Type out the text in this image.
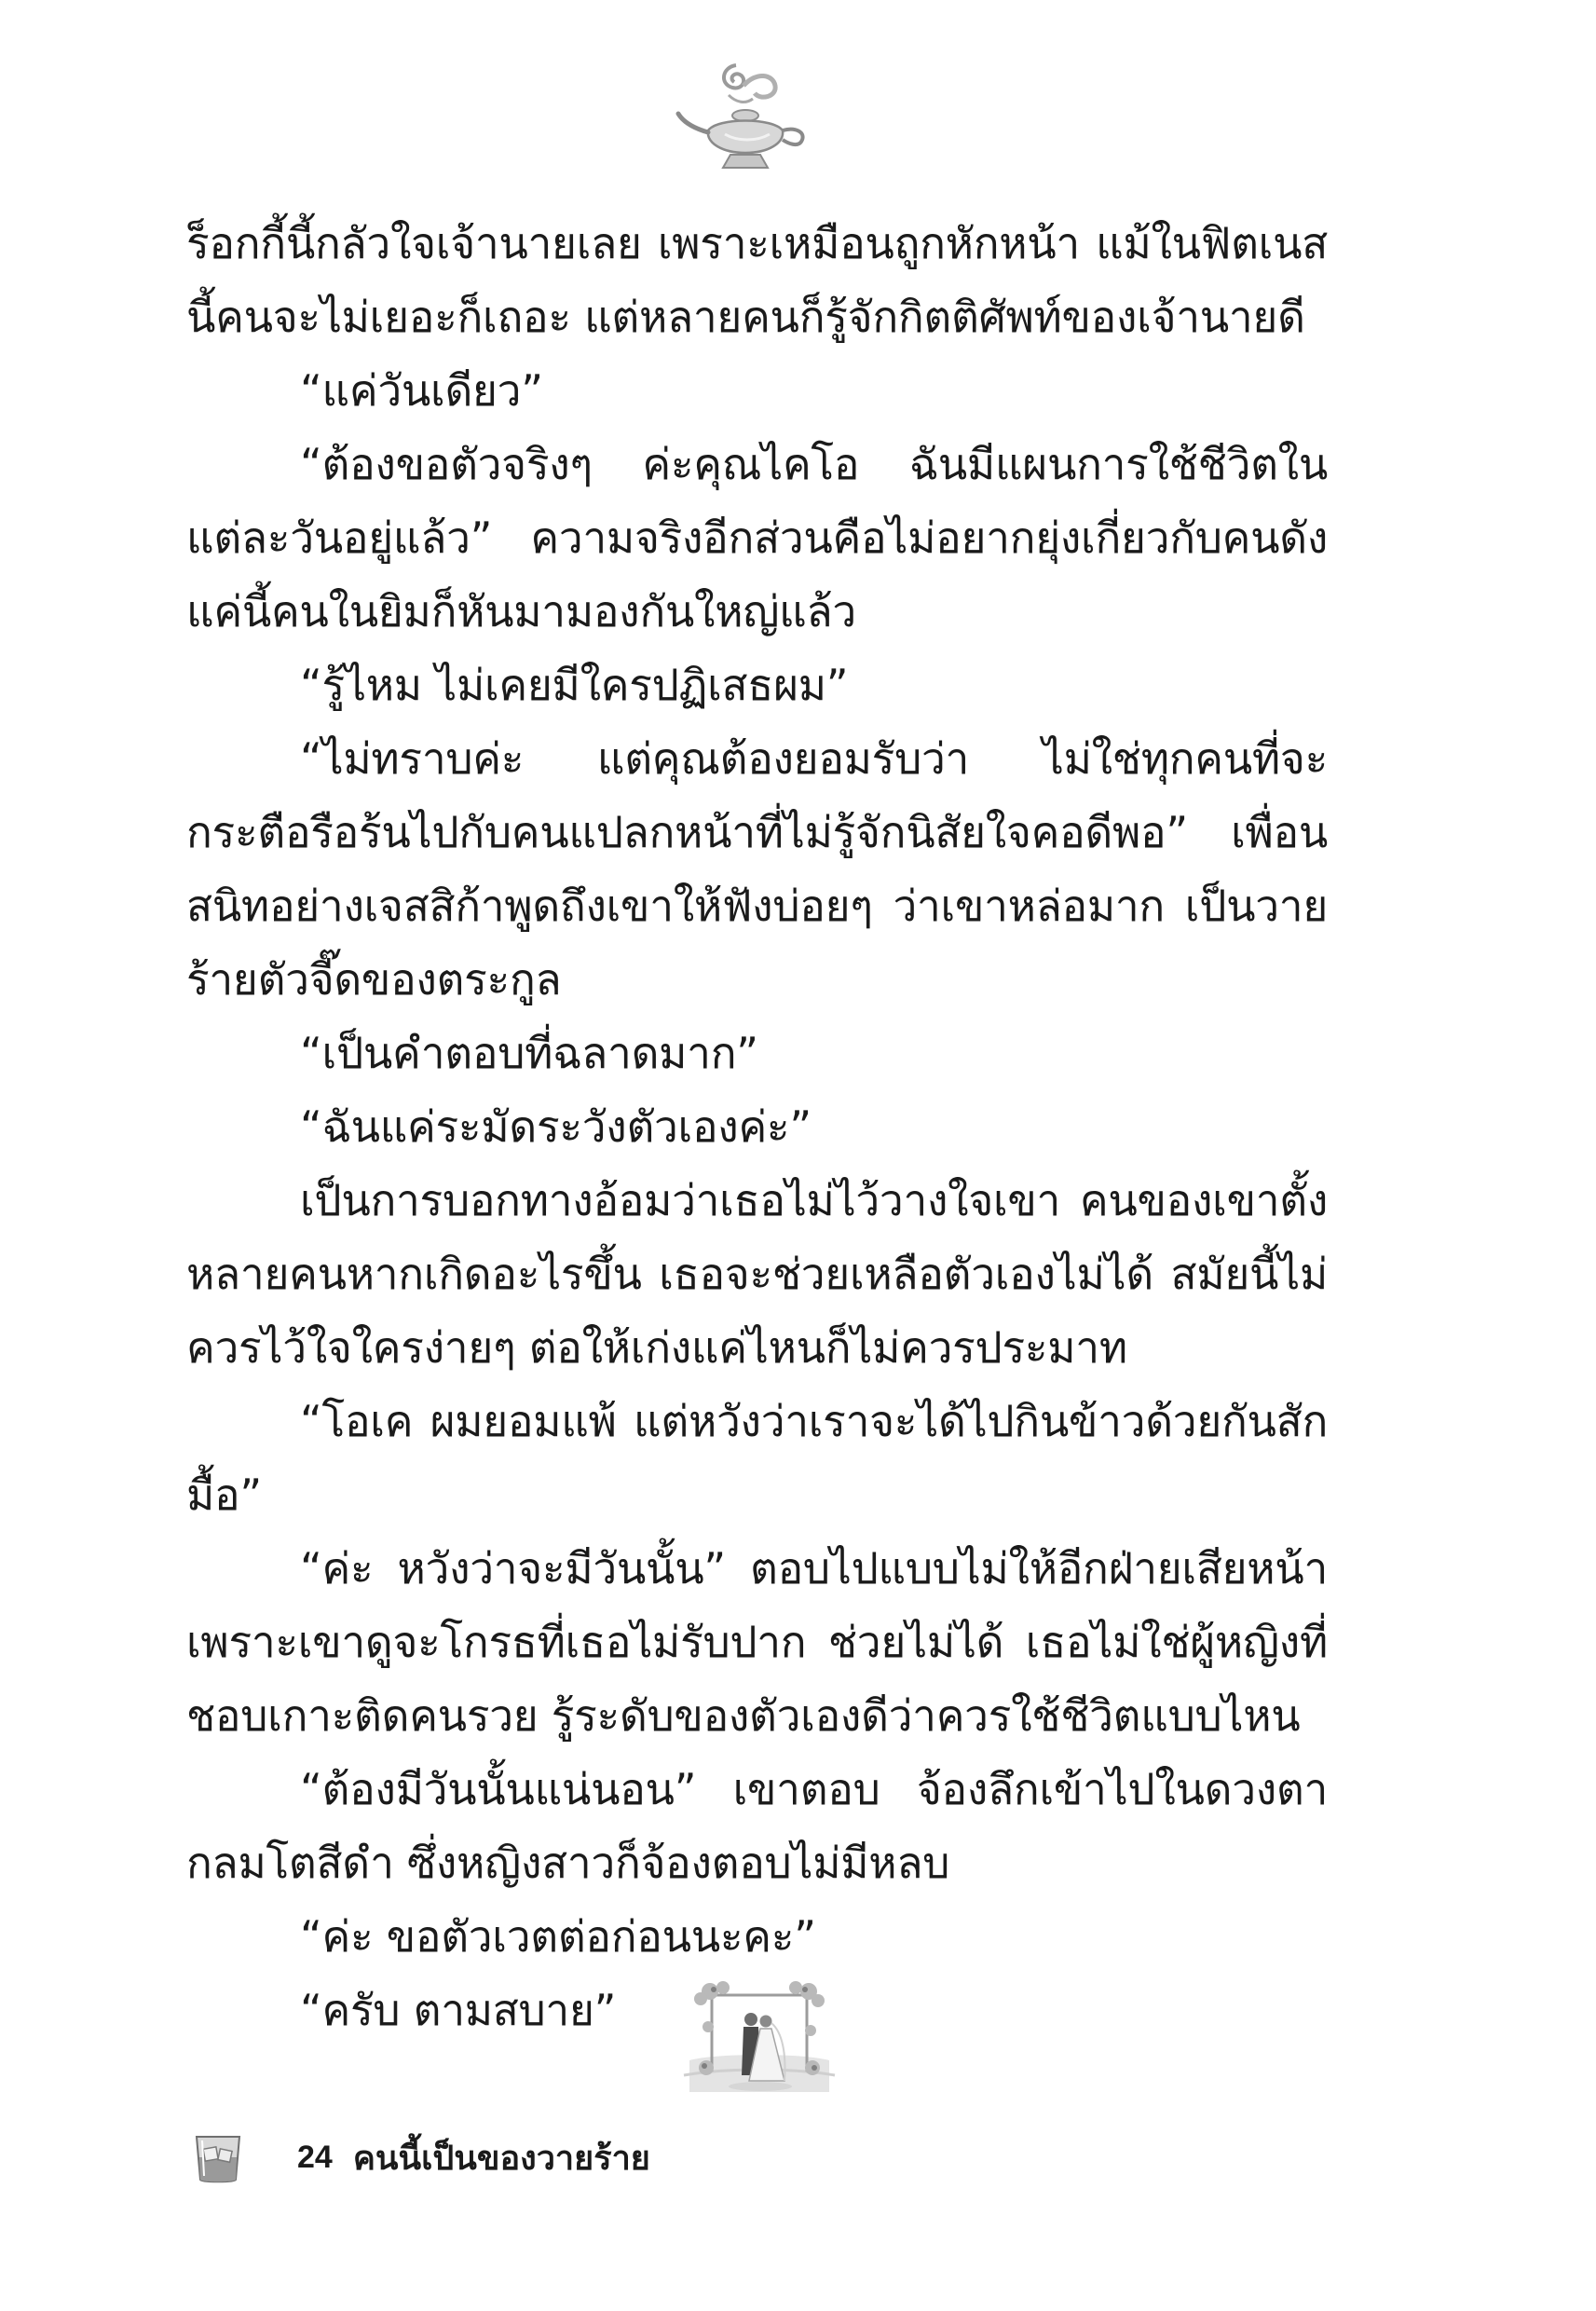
ร็อกกี้นี้กลัวใจเจ้านายเลย เพราะเหมือนถูกหักหน้า แม้ในฟิตเนสนี้คนจะไม่เยอะก็เถอะ แต่หลายคนก็รู้จักกิตติศัพท์ของเจ้านายดี

“แค่วันเดียว”

“ต้องขอตัวจริงๆ ค่ะคุณไคโอ ฉันมีแผนการใช้ชีวิตในแต่ละวันอยู่แล้ว” ความจริงอีกส่วนคือไม่อยากยุ่งเกี่ยวกับคนดัง แค่นี้คนในยิมก็หันมามองกันใหญ่แล้ว

“รู้ไหม ไม่เคยมีใครปฏิเสธผม”

“ไม่ทราบค่ะ แต่คุณต้องยอมรับว่า ไม่ใช่ทุกคนที่จะกระตือรือร้นไปกับคนแปลกหน้าที่ไม่รู้จักนิสัยใจคอดีพอ” เพื่อนสนิทอย่างเจสสิก้าพูดถึงเขาให้ฟังบ่อยๆ ว่าเขาหล่อมาก เป็นวายร้ายตัวจี๊ดของตระกูล

“เป็นคำตอบที่ฉลาดมาก”

“ฉันแค่ระมัดระวังตัวเองค่ะ”

เป็นการบอกทางอ้อมว่าเธอไม่ไว้วางใจเขา คนของเขาตั้งหลายคนหากเกิดอะไรขึ้น เธอจะช่วยเหลือตัวเองไม่ได้ สมัยนี้ไม่ควรไว้ใจใครง่ายๆ ต่อให้เก่งแค่ไหนก็ไม่ควรประมาท

“โอเค ผมยอมแพ้ แต่หวังว่าเราจะได้ไปกินข้าวด้วยกันสักมื้อ”

“ค่ะ หวังว่าจะมีวันนั้น” ตอบไปแบบไม่ให้อีกฝ่ายเสียหน้า เพราะเขาดูจะโกรธที่เธอไม่รับปาก ช่วยไม่ได้ เธอไม่ใช่ผู้หญิงที่ชอบเกาะติดคนรวย รู้ระดับของตัวเองดีว่าควรใช้ชีวิตแบบไหน

“ต้องมีวันนั้นแน่นอน” เขาตอบ จ้องลึกเข้าไปในดวงตากลมโตสีดำ ซึ่งหญิงสาวก็จ้องตอบไม่มีหลบ

“ค่ะ ขอตัวเวตต่อก่อนนะคะ”

“ครับ ตามสบาย”

24 คนนี้เป็นของวายร้าย
